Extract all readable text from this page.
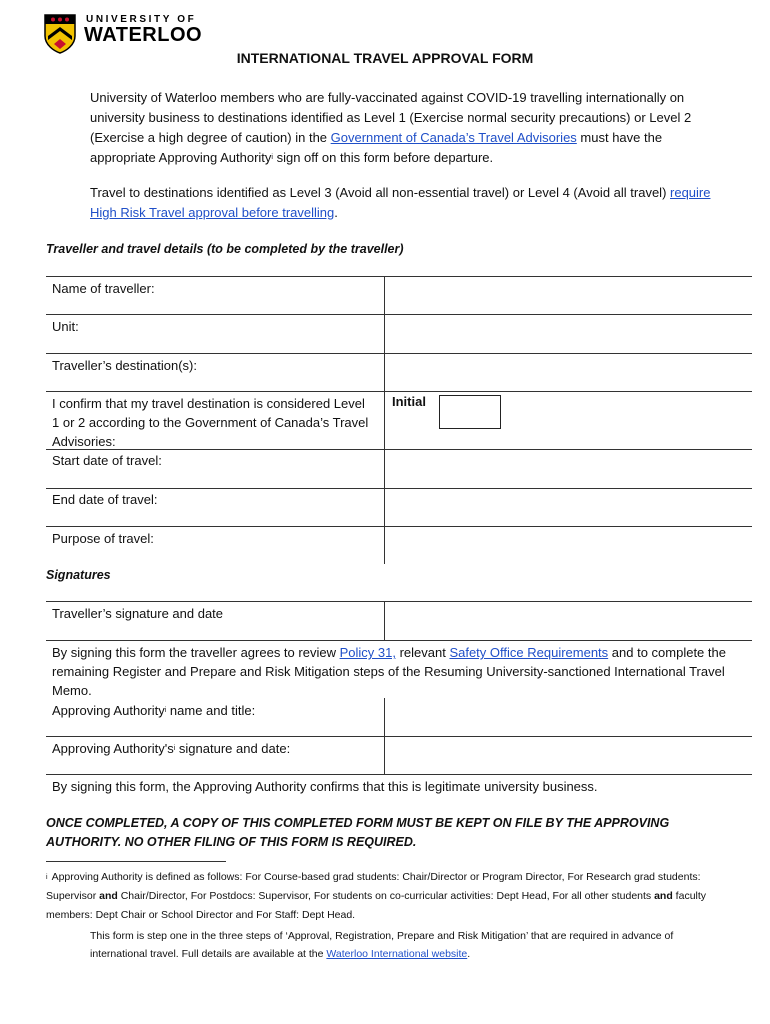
UNIVERSITY OF
WATERLOO
INTERNATIONAL TRAVEL APPROVAL FORM
University of Waterloo members who are fully-vaccinated against COVID-19 travelling internationally on university business to destinations identified as Level 1 (Exercise normal security precautions) or Level 2 (Exercise a high degree of caution) in the Government of Canada’s Travel Advisories must have the appropriate Approving Authority$^i$ sign off on this form before departure.
Travel to destinations identified as Level 3 (Avoid all non-essential travel) or Level 4 (Avoid all travel) require High Risk Travel approval before travelling.
Traveller and travel details (to be completed by the traveller)
Name of traveller:
Unit:
Traveller’s destination(s):
I confirm that my travel destination is considered Level 1 or 2 according to the Government of Canada’s Travel Advisories:
Initial
Start date of travel:
End date of travel:
Purpose of travel:
Signatures
Traveller’s signature and date
By signing this form the traveller agrees to review Policy 31, relevant Safety Office Requirements and to complete the remaining Register and Prepare and Risk Mitigation steps of the Resuming University-sanctioned International Travel Memo.
Approving Authority$^i$ name and title:
Approving $Authority's^i$ signature and date:
By signing this form, the Approving Authority confirms that this is legitimate university business.
ONCE COMPLETED, A COPY OF THIS COMPLETED FORM MUST BE KEPT ON FILE BY THE APPROVING AUTHORITY. NO OTHER FILING OF THIS FORM IS REQUIRED.
$^i$ Approving Authority is defined as follows: For Course-based grad students: Chair/Director or Program Director, For Research grad students: Supervisor and Chair/Director, For Postdocs: Supervisor, For students on co-curricular activities: Dept Head, For all other students and faculty members: Dept Chair or School Director and For Staff: Dept Head.
This form is step one in the three steps of ‘Approval, Registration, Prepare and Risk Mitigation’ that are required in advance of international travel. Full details are available at the Waterloo International website.
